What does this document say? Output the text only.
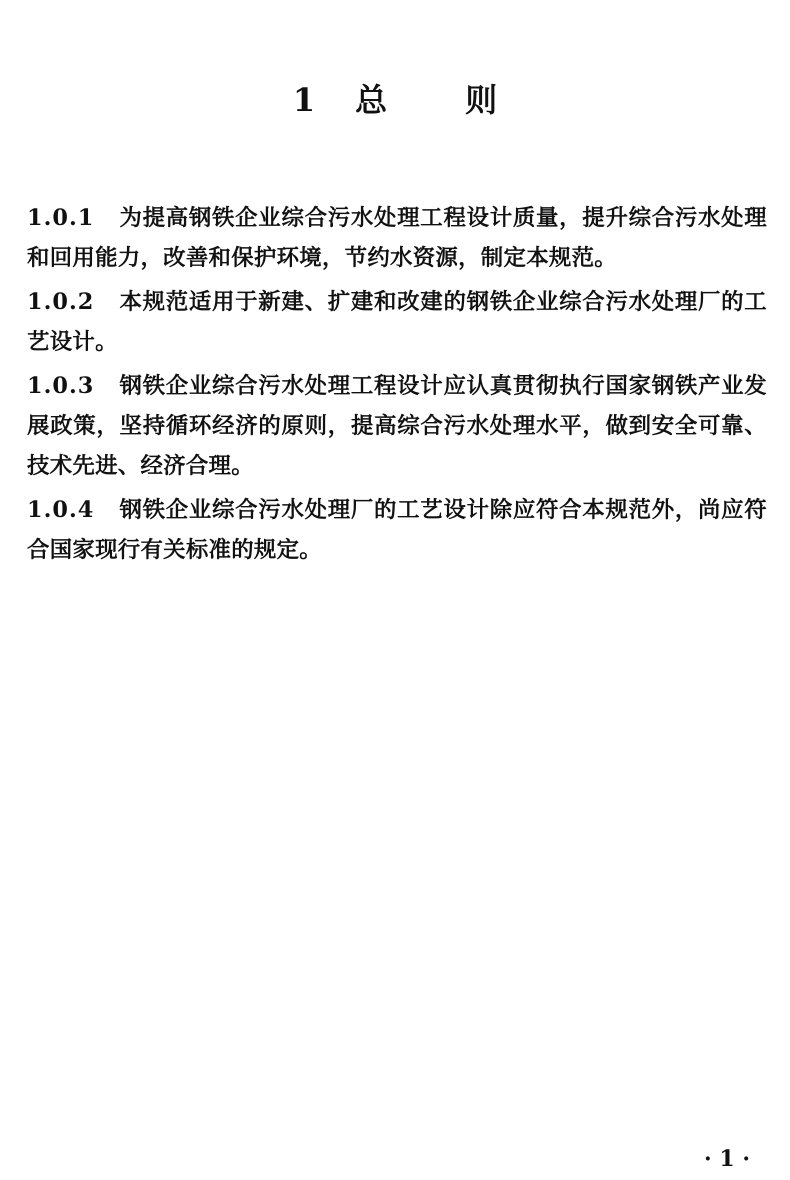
1 总 则

1.0.1 为提高钢铁企业综合污水处理工程设计质量，提升综合污水处理和回用能力，改善和保护环境，节约水资源，制定本规范。

1.0.2 本规范适用于新建、扩建和改建的钢铁企业综合污水处理厂的工艺设计。

1.0.3 钢铁企业综合污水处理工程设计应认真贯彻执行国家钢铁产业发展政策，坚持循环经济的原则，提高综合污水处理水平，做到安全可靠、技术先进、经济合理。

1.0.4 钢铁企业综合污水处理厂的工艺设计除应符合本规范外，尚应符合国家现行有关标准的规定。

· 1 ·
